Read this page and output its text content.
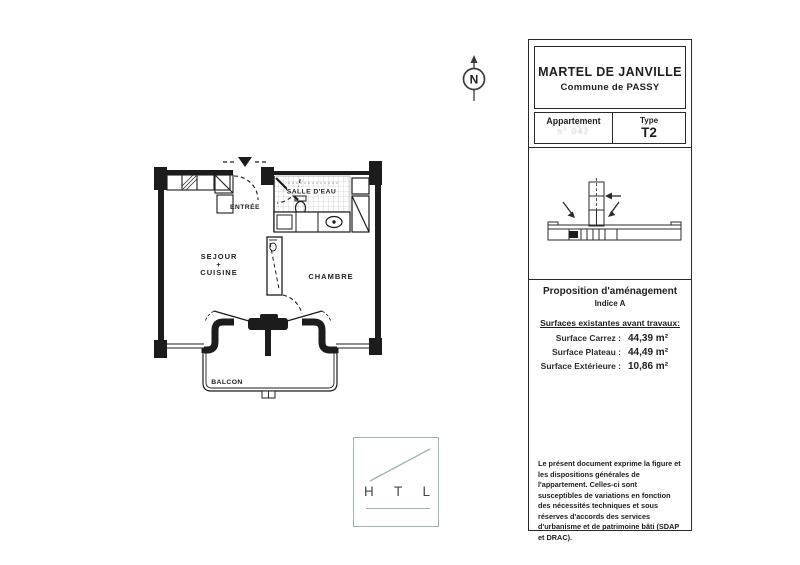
SALLE D'EAU
ENTRÉE
SEJOUR
+
CUISINE	CHAMBRE
BALCON
N
MARTEL DE JANVILLE
Commune de PASSY
Appartement
n° 042
Type
T2
Proposition d'aménagement
Indice A
Surfaces existantes avant travaux:
Surface Carrez : 44,39 m²
Surface Plateau : 44,49 m²
Surface Extérieure : 10,86 m²
Le présent document exprime la figure et les dispositions générales de l'appartement. Celles-ci sont susceptibles de variations en fonction des nécessités techniques et sous réserves d'accords des services d'urbanisme et de patrimoine bâti (SDAP et DRAC).
H T L
